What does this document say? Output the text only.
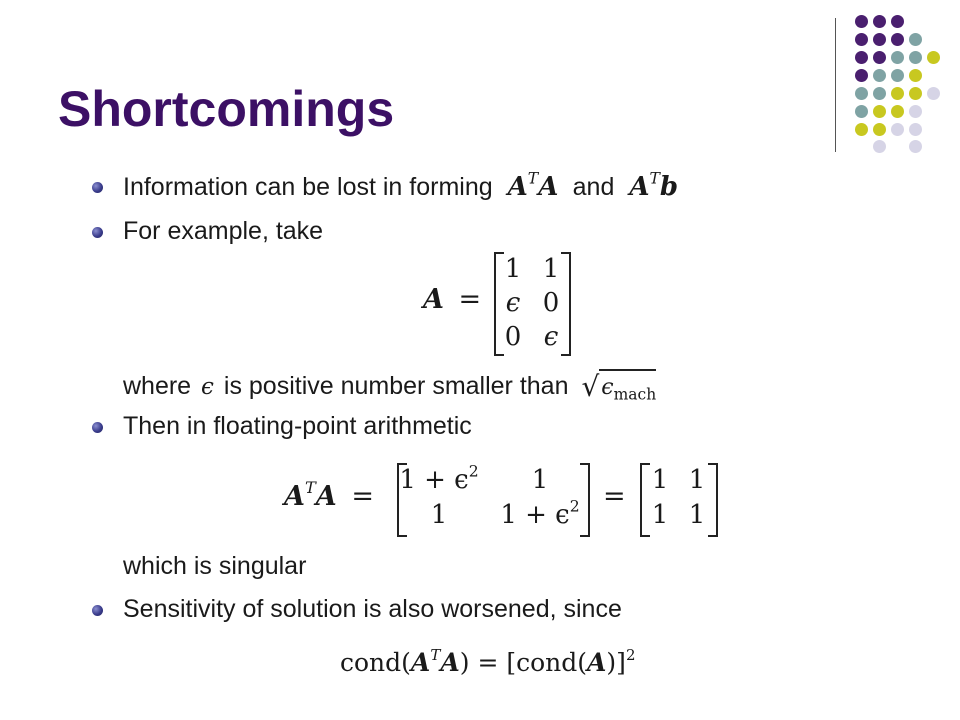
Shortcomings
Information can be lost in forming $A^TA$ and $A^Tb$
For example, take
A =
1 1
ϵ 0
0 ϵ
where ϵ is positive number smaller than $√\epsilon_{mach}$
Then in floating-point arithmetic
$A^TA$ =
$1 + \epsilon^2$ 1
1 $1 + \epsilon^2$ =
1 1
1 1
which is singular
Sensitivity of solution is also worsened, since
$cond(A^TA)$ = [cond(A)]$^2$
